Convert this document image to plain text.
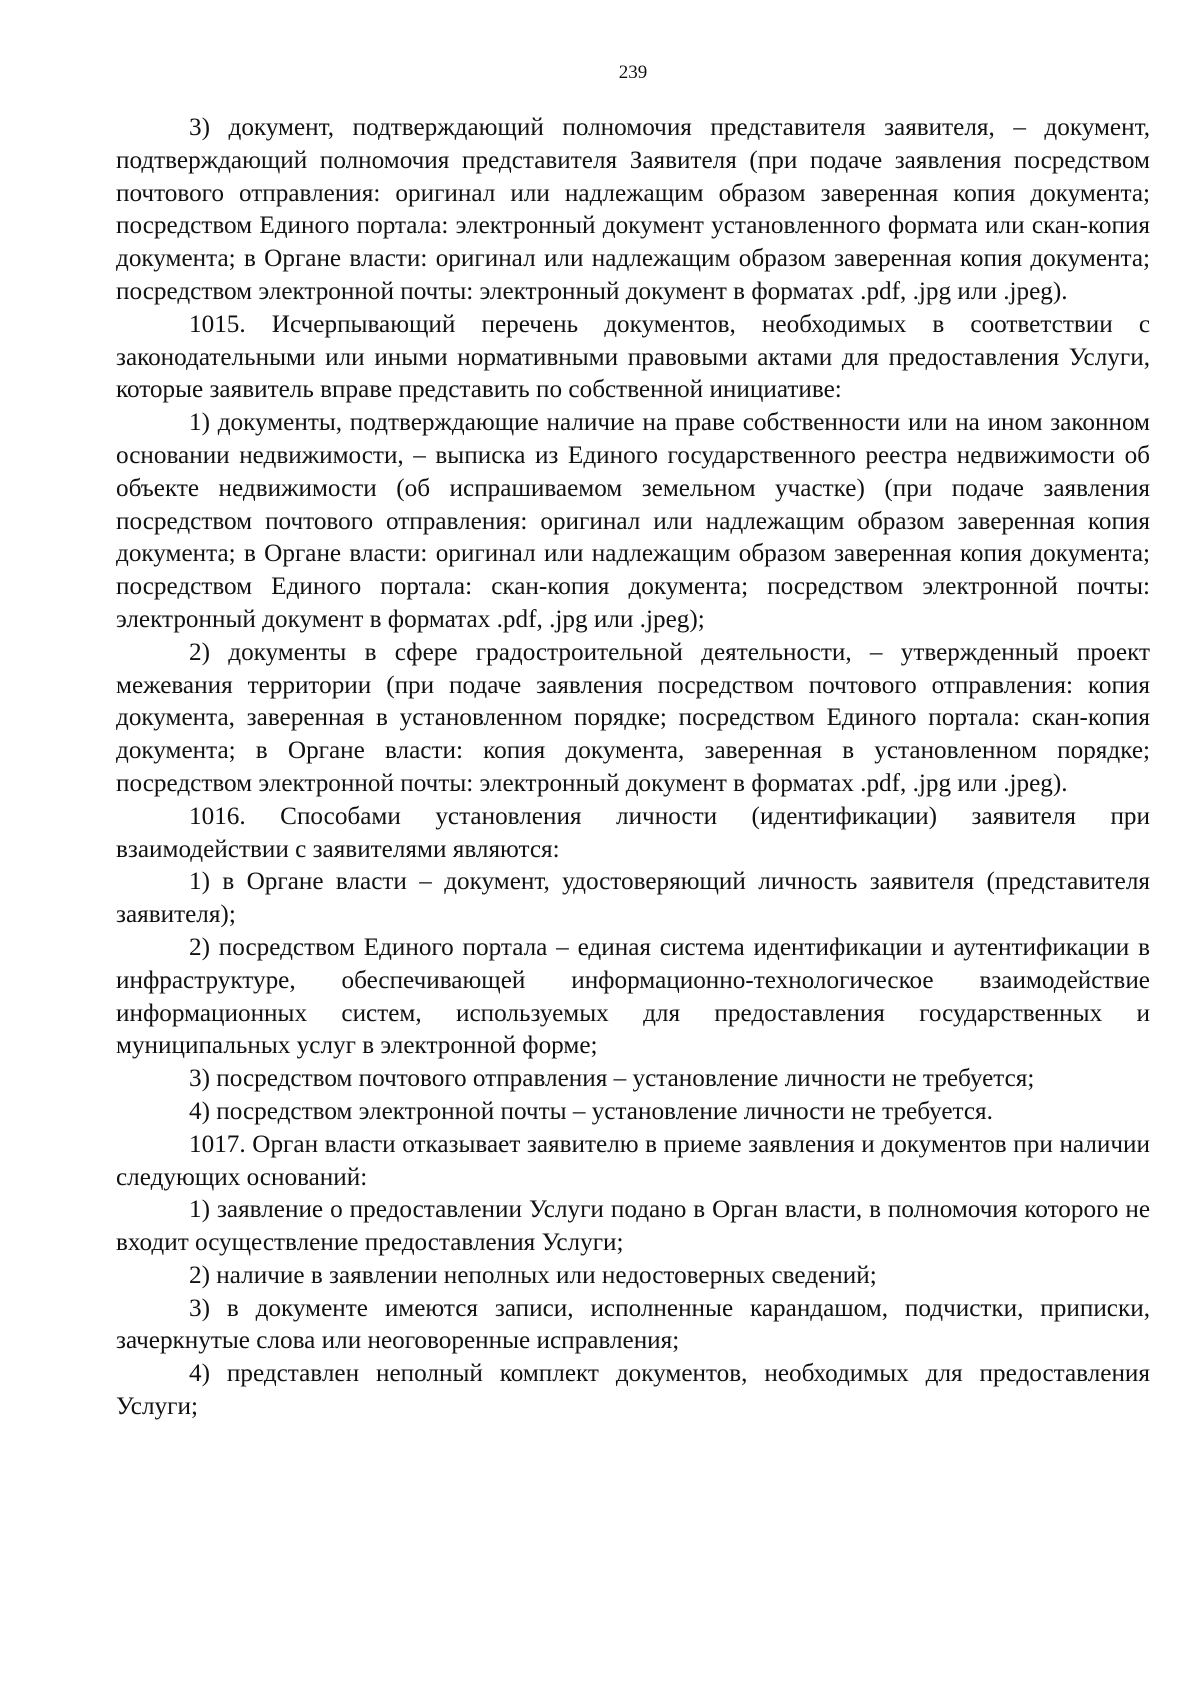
239

3) документ, подтверждающий полномочия представителя заявителя, – документ, подтверждающий полномочия представителя Заявителя (при подаче заявления посредством почтового отправления: оригинал или надлежащим образом заверенная копия документа; посредством Единого портала: электронный документ установленного формата или скан-копия документа; в Органе власти: оригинал или надлежащим образом заверенная копия документа; посредством электронной почты: электронный документ в форматах .pdf, .jpg или .jpeg).

1015. Исчерпывающий перечень документов, необходимых в соответствии с законодательными или иными нормативными правовыми актами для предоставления Услуги, которые заявитель вправе представить по собственной инициативе:

1) документы, подтверждающие наличие на праве собственности или на ином законном основании недвижимости, – выписка из Единого государственного реестра недвижимости об объекте недвижимости (об испрашиваемом земельном участке) (при подаче заявления посредством почтового отправления: оригинал или надлежащим образом заверенная копия документа; в Органе власти: оригинал или надлежащим образом заверенная копия документа; посредством Единого портала: скан-копия документа; посредством электронной почты: электронный документ в форматах .pdf, .jpg или .jpeg);

2) документы в сфере градостроительной деятельности, – утвержденный проект межевания территории (при подаче заявления посредством почтового отправления: копия документа, заверенная в установленном порядке; посредством Единого портала: скан-копия документа; в Органе власти: копия документа, заверенная в установленном порядке; посредством электронной почты: электронный документ в форматах .pdf, .jpg или .jpeg).

1016. Способами установления личности (идентификации) заявителя при взаимодействии с заявителями являются:

1) в Органе власти – документ, удостоверяющий личность заявителя (представителя заявителя);

2) посредством Единого портала – единая система идентификации и аутентификации в инфраструктуре, обеспечивающей информационно-технологическое взаимодействие информационных систем, используемых для предоставления государственных и муниципальных услуг в электронной форме;

3) посредством почтового отправления – установление личности не требуется;

4) посредством электронной почты – установление личности не требуется.

1017. Орган власти отказывает заявителю в приеме заявления и документов при наличии следующих оснований:

1) заявление о предоставлении Услуги подано в Орган власти, в полномочия которого не входит осуществление предоставления Услуги;

2) наличие в заявлении неполных или недостоверных сведений;

3) в документе имеются записи, исполненные карандашом, подчистки, приписки, зачеркнутые слова или неоговоренные исправления;

4) представлен неполный комплект документов, необходимых для предоставления Услуги;
